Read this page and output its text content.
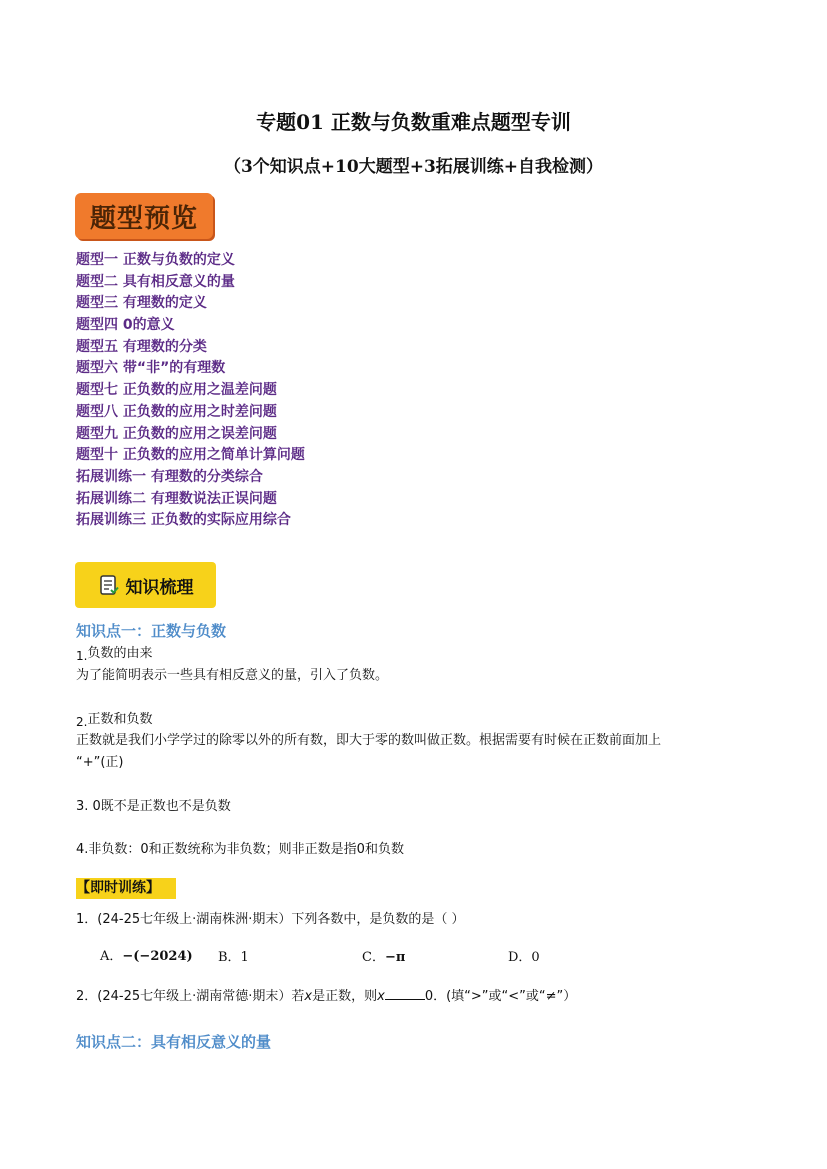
专题01 正数与负数重难点题型专训
（3个知识点+10大题型+3拓展训练+自我检测）
题型预览
题型一 正数与负数的定义
题型二 具有相反意义的量
题型三 有理数的定义
题型四 0的意义
题型五 有理数的分类
题型六 带“非”的有理数
题型七 正负数的应用之温差问题
题型八 正负数的应用之时差问题
题型九 正负数的应用之误差问题
题型十 正负数的应用之简单计算问题
拓展训练一 有理数的分类综合
拓展训练二 有理数说法正误问题
拓展训练三 正负数的实际应用综合
知识梳理
知识点一：正数与负数
1.负数的由来
为了能简明表示一些具有相反意义的量，引入了负数。
2.正数和负数
正数就是我们小学学过的除零以外的所有数，即大于零的数叫做正数。根据需要有时候在正数前面加上
“+”(正)
3. 0既不是正数也不是负数
4.非负数：0和正数统称为非负数；则非正数是指0和负数
【即时训练】
1．(24-25七年级上·湖南株洲·期末）下列各数中，是负数的是（ ）
A．−(−2024) B．1	C．−π	D．0
2．(24-25七年级上·湖南常德·期末）若x是正数，则x	0．(填“>”或“<”或“≠”）
知识点二：具有相反意义的量
